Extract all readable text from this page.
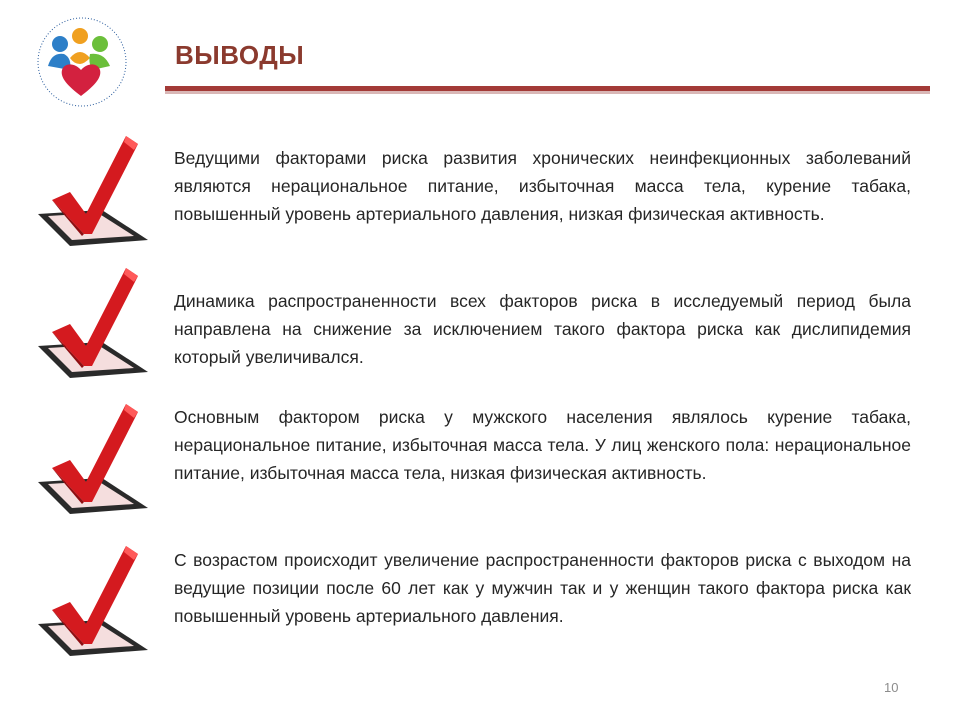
ВЫВОДЫ
Ведущими факторами риска развития хронических неинфекционных заболеваний являются нерациональное питание, избыточная масса тела, курение табака, повышенный уровень артериального давления, низкая физическая активность.
Динамика распространенности всех факторов риска в исследуемый период была направлена на снижение за исключением такого фактора риска как дислипидемия который увеличивался.
Основным фактором риска у мужского населения являлось курение табака, нерациональное питание, избыточная масса тела. У лиц женского пола: нерациональное питание, избыточная масса тела, низкая физическая активность.
С возрастом происходит увеличение распространенности факторов риска с выходом на ведущие позиции после 60 лет как у мужчин так и у женщин такого фактора риска как повышенный уровень артериального давления.
10
